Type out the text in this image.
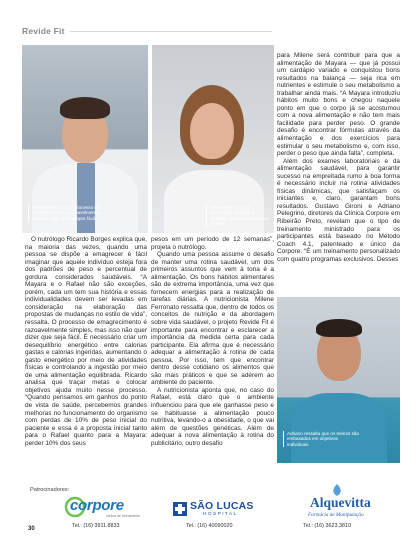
Revide Fit
Ricardo alerta que o processo de emagrecimento é razoavelmente simples, mas nem sempre fácil
Milene afirma que é necessário adequar a alimentação à rotina de cada pessoa

O nutrólogo Ricardo Borges explica que, na maioria das vezes, quando uma pessoa se dispõe a emagrecer é fácil imaginar que aquele indivíduo esteja fora dos padrões de peso e percentual de gordura considerados saudáveis. “A Mayara e o Rafael não são exceções, porém, cada um tem sua história e essas individualidades devem ser levadas em consideração na elaboração das propostas de mudanças no estilo de vida”, ressalta. O processo de emagrecimento é razoavelmente simples, mas isso não quer dizer que seja fácil. É necessário criar um desequilíbrio energético entre calorias gastas e calorias ingeridas, aumentando o gasto energético por meio de atividades físicas e controlando a ingestão por meio de uma alimentação equilibrada. Ricardo analisa que traçar metas e colocar objetivos ajuda muito nesse processo. “Quando pensamos em ganhos do ponto de vista de saúde, percebemos grandes melhoras no funcionamento do organismo com perdas de 10% de peso inicial do paciente e essa é a proposta inicial tanto para o Rafael quanto para a Mayara: perder 10% dos seus

pesos em um período de 12 semanas”, projeta o nutrólogo.

Quando uma pessoa assume o desafio de manter uma rotina saudável, um dos primeiros assuntos que vem à tona é a alimentação. Os bons hábitos alimentares são de extrema importância, uma vez que fornecem energias para a realização de tarefas diárias. A nutricionista Milene Ferronato ressalta que, dentro de todos os conceitos de nutrição e da abordagem sobre vida saudável, o projeto Revide Fit é importante para encontrar e esclarecer a importância da medida certa para cada participante. Ela afirma que é necessário adequar a alimentação à rotina de cada pessoa. Por isso, tem que encontrar dentro desse cotidiano os alimentos que são mais práticos e que se adérem ao ambiente do paciente.

A nutricionista aponta que, no caso do Rafael, está claro que o ambiente influenciou para que ele ganhasse peso e se habituasse a alimentação pouco nutritiva, levando-o a obesidade, o que vai além de questões genéticas. Além de adequar a nova alimentação à rotina do publicitário, outro desafio

para Milene será contribuir para que a alimentação de Mayara — que já possui um cardápio variado e conquistou bons resultados na balança — seja rica em nutrientes e estimule o seu metabolismo a trabalhar ainda mais. “A Mayara introduziu hábitos muito bons e chegou naquele ponto em que o corpo já se acostumou com a nova alimentação e não tem mais facilidade para perder peso. O grande desafio é encontrar fórmulas através da alimentação e dos exercícios para estimular o seu metabolismo e, com isso, perder o peso que ainda falta”, completa.

Além dos exames laboratoriais e da alimentação saudável, para garantir sucesso na empreitada rumo à boa forma é necessário incluir na rotina atividades físicas dinâmicas, que satisfaçam os iniciantes e, claro, garantam bons resultados. Gustavo Gironi e Adriano Pelegrino, diretores da Clínica Corpore em Ribeirão Preto, revelam que o tipo de treinamento ministrado para os participantes está baseado no Método Coach 4.1, patenteado e único da Corpore. “É um treinamento personalizado com quatro programas exclusivos. Desses

Adriano ressalta que os treinos são embasados em objetivos individuais
Patrocinadores:
30
corpore
clínica de treinamento
Tel.: (16) 3911.8833
SÃO LUCAS
HOSPITAL
Tel.: (16) 40090020
Alquevitta
Farmácia de Manipulação
Tel.: (16) 3623.3810
